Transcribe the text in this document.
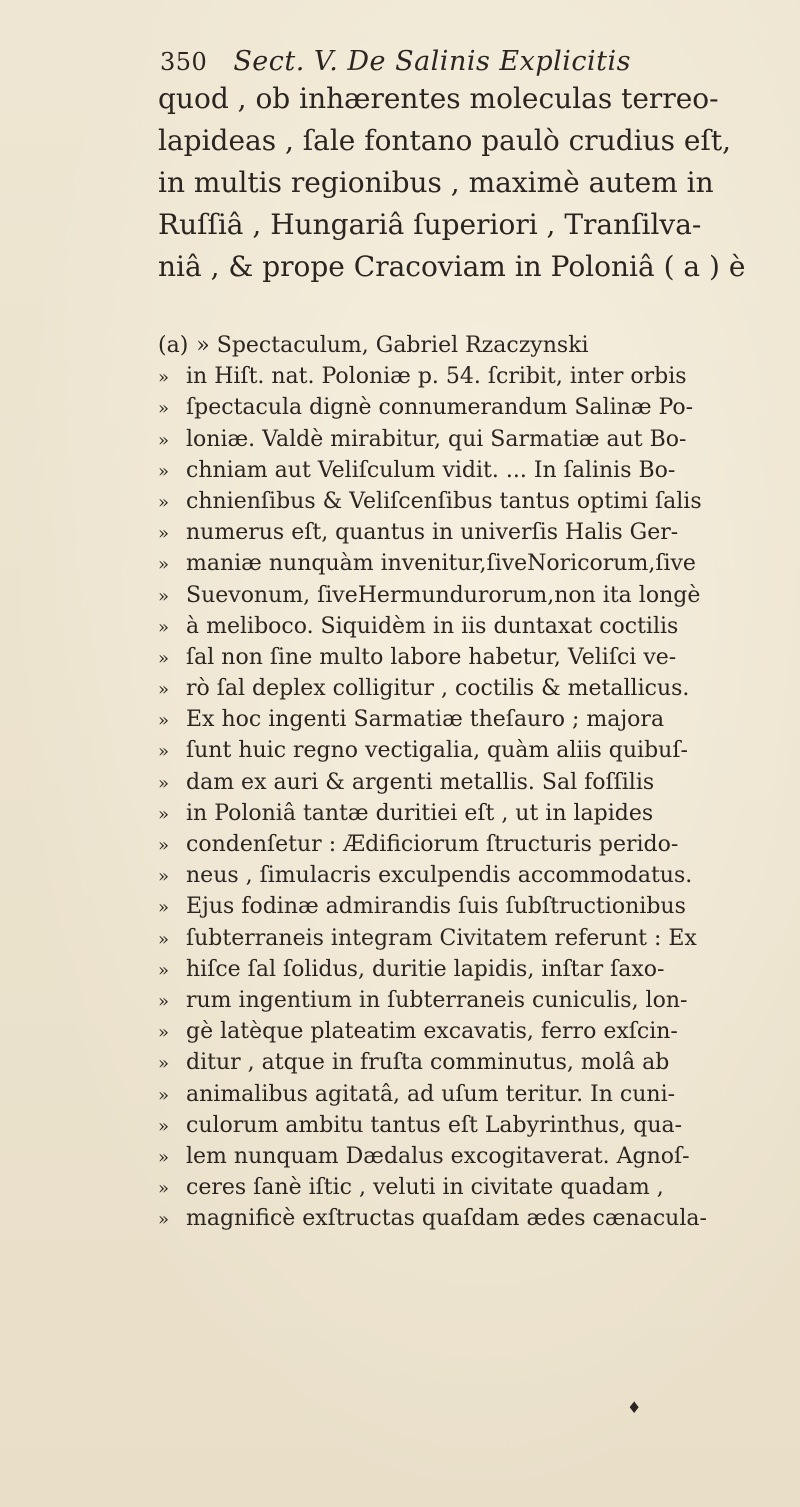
350 Sect. V. De Salinis Explicitis
quod , ob inhærentes moleculas terreo-
lapideas , ſale fontano paulò crudius eſt,
in multis regionibus , maximè autem in
Ruſſiâ , Hungariâ ſuperiori , Tranſilva-
niâ , & prope Cracoviam in Poloniâ ( a ) è
(a) » Spectaculum, Gabriel Rzaczynski
» in Hiſt. nat. Poloniæ p. 54. ſcribit, inter orbis
» ſpectacula dignè connumerandum Salinæ Po-
» loniæ. Valdè mirabitur, qui Sarmatiæ aut Bo-
» chniam aut Veliſculum vidit. ... In ſalinis Bo-
» chnienſibus & Veliſcenſibus tantus optimi ſalis
» numerus eſt, quantus in univerſis Halis Ger-
» maniæ nunquàm invenitur,ſiveNoricorum,ſive
» Suevonum, ſiveHermundurorum,non ita longè
» à meliboco. Siquidèm in iis duntaxat coctilis
» ſal non ſine multo labore habetur, Veliſci ve-
» rò ſal deplex colligitur , coctilis & metallicus.
» Ex hoc ingenti Sarmatiæ theſauro ; majora
» ſunt huic regno vectigalia, quàm aliis quibuſ-
» dam ex auri & argenti metallis. Sal foſſilis
» in Poloniâ tantæ duritiei eſt , ut in lapides
» condenſetur : Ædificiorum ſtructuris perido-
» neus , ſimulacris exculpendis accommodatus.
» Ejus fodinæ admirandis ſuis ſubſtructionibus
» ſubterraneis integram Civitatem referunt : Ex
» hiſce ſal ſolidus, duritie lapidis, inſtar ſaxo-
» rum ingentium in ſubterraneis cuniculis, lon-
» gè latèque plateatim excavatis, ferro exſcin-
» ditur , atque in fruſta comminutus, molâ ab
» animalibus agitatâ, ad uſum teritur. In cuni-
» culorum ambitu tantus eſt Labyrinthus, qua-
» lem nunquam Dædalus excogitaverat. Agnoſ-
» ceres ſanè iſtic , veluti in civitate quadam ,
» magnificè exſtructas quaſdam ædes cænacula-
♦
